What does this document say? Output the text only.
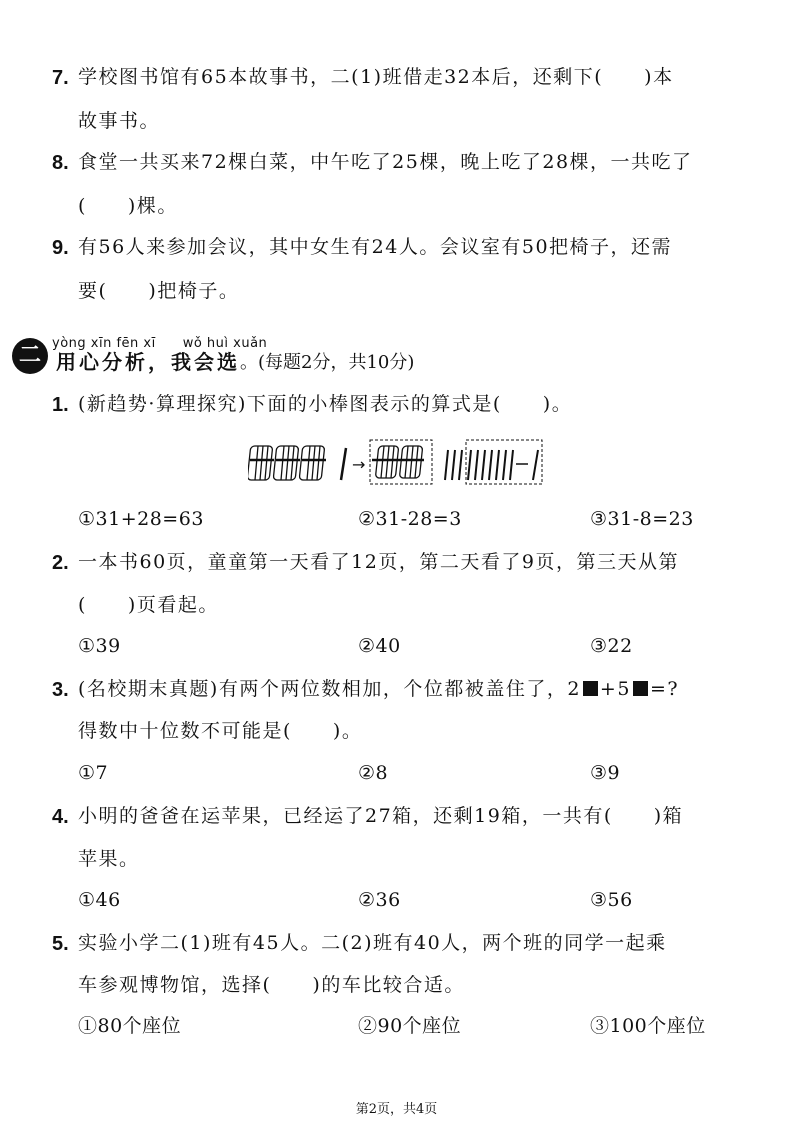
7. 学校图书馆有65本故事书，二(1)班借走32本后，还剩下(　　)本
故事书。
8. 食堂一共买来72棵白菜，中午吃了25棵，晚上吃了28棵，一共吃了
(　　)棵。
9. 有56人来参加会议，其中女生有24人。会议室有50把椅子，还需
要(　　)把椅子。
二 yòng xīn fēn xī　　wǒ huì xuǎn
用心分析，我会选 。(每题2分，共10分)
1. (新趋势·算理探究)下面的小棒图表示的算式是(　　)。
→
①31+28=63	②31-28=3	③31-8=23
2. 一本书60页，童童第一天看了12页，第二天看了9页，第三天从第
(　　)页看起。
①39	②40	③22
3. (名校期末真题)有两个两位数相加，个位都被盖住了，2 +5 =?
得数中十位数不可能是(　　)。
①7	②8	③9
4. 小明的爸爸在运苹果，已经运了27箱，还剩19箱，一共有(　　)箱
苹果。
①46	②36	③56
5. 实验小学二(1)班有45人。二(2)班有40人，两个班的同学一起乘
车参观博物馆，选择(　　)的车比较合适。
①80个座位	②90个座位	③100个座位
第2页，共4页
